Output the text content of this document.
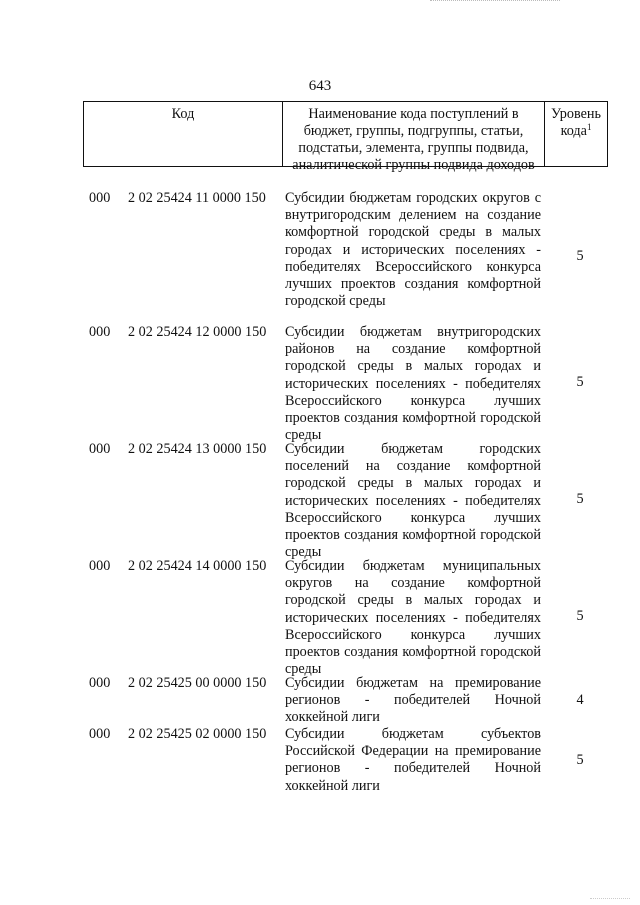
643
Код	Наименование кода поступлений в бюджет, группы, подгруппы, статьи, подстатьи, элемента, группы подвида, аналитической группы подвида доходов
Уровень кода$^1$
000 2 02 25424 11 0000 150 Субсидии бюджетам городских округов с внутригородским делением на создание комфортной городской среды в малых городах и исторических поселениях - победителях Всероссийского конкурса лучших проектов создания комфортной городской среды
5
000 2 02 25424 12 0000 150 Субсидии бюджетам внутригородских районов на создание комфортной городской среды в малых городах и исторических поселениях - победителях Всероссийского конкурса лучших проектов создания комфортной городской среды
5
000 2 02 25424 13 0000 150 Субсидии бюджетам городских поселений на создание комфортной городской среды в малых городах и исторических поселениях - победителях Всероссийского конкурса лучших проектов создания комфортной городской среды
5
000 2 02 25424 14 0000 150 Субсидии бюджетам муниципальных округов на создание комфортной городской среды в малых городах и исторических поселениях - победителях Всероссийского конкурса лучших проектов создания комфортной городской среды
5
000 2 02 25425 00 0000 150 Субсидии бюджетам на премирование регионов - победителей Ночной хоккейной лиги
4
000 2 02 25425 02 0000 150 Субсидии бюджетам субъектов Российской Федерации на премирование регионов - победителей Ночной хоккейной лиги
5
